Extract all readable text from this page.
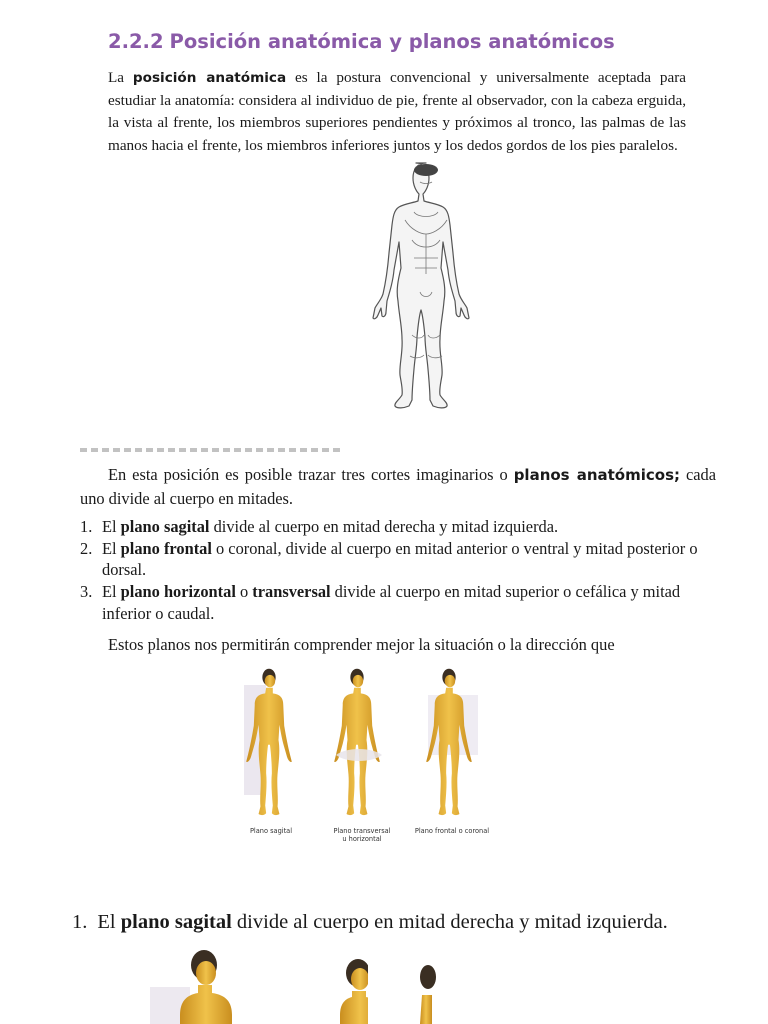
2.2.2 Posición anatómica y planos anatómicos

La posición anatómica es la postura convencional y universalmente aceptada para estudiar la anatomía: considera al individuo de pie, frente al observador, con la cabeza erguida, la vista al frente, los miembros superiores pendientes y próximos al tronco, las palmas de las manos hacia el frente, los miembros inferiores juntos y los dedos gordos de los pies paralelos.

En esta posición es posible trazar tres cortes imaginarios o planos anatómicos; cada uno divide al cuerpo en mitades.

1. El plano sagital divide al cuerpo en mitad derecha y mitad izquierda.
2. El plano frontal o coronal, divide al cuerpo en mitad anterior o ventral y mitad posterior o dorsal.
3. El plano horizontal o transversal divide al cuerpo en mitad superior o cefálica y mitad inferior o caudal.

Estos planos nos permitirán comprender mejor la situación o la dirección que

Plano sagital	Plano transversal
u horizontal
Plano frontal o coronal

1. El plano sagital divide al cuerpo en mitad derecha y mitad izquierda.
